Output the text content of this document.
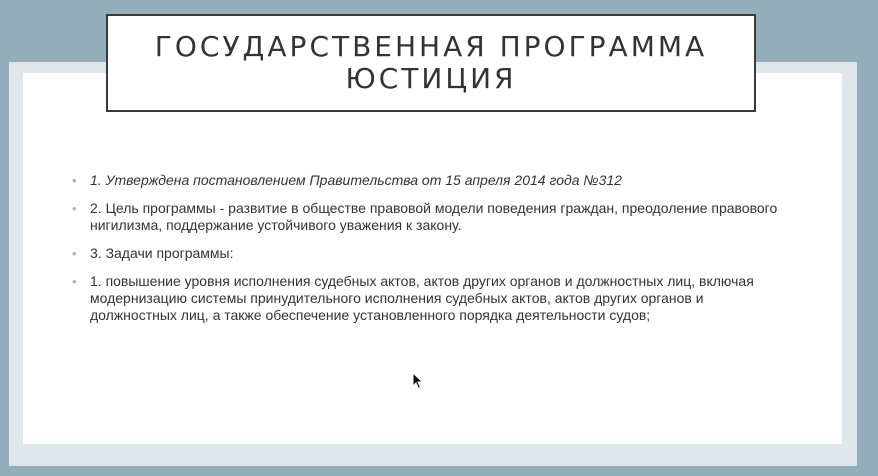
• 1. Утверждена постановлением Правительства от 15 апреля 2014 года №312
• 2. Цель программы - развитие в обществе правовой модели поведения граждан, преодоление правового нигилизма, поддержание устойчивого уважения к закону.
• 3. Задачи программы:
• 1. повышение уровня исполнения судебных актов, актов других органов и должностных лиц, включая модернизацию системы принудительного исполнения судебных актов, актов других органов и должностных лиц, а также обеспечение установленного порядка деятельности судов;
ГОСУДАРСТВЕННАЯ ПРОГРАММА
ЮСТИЦИЯ
